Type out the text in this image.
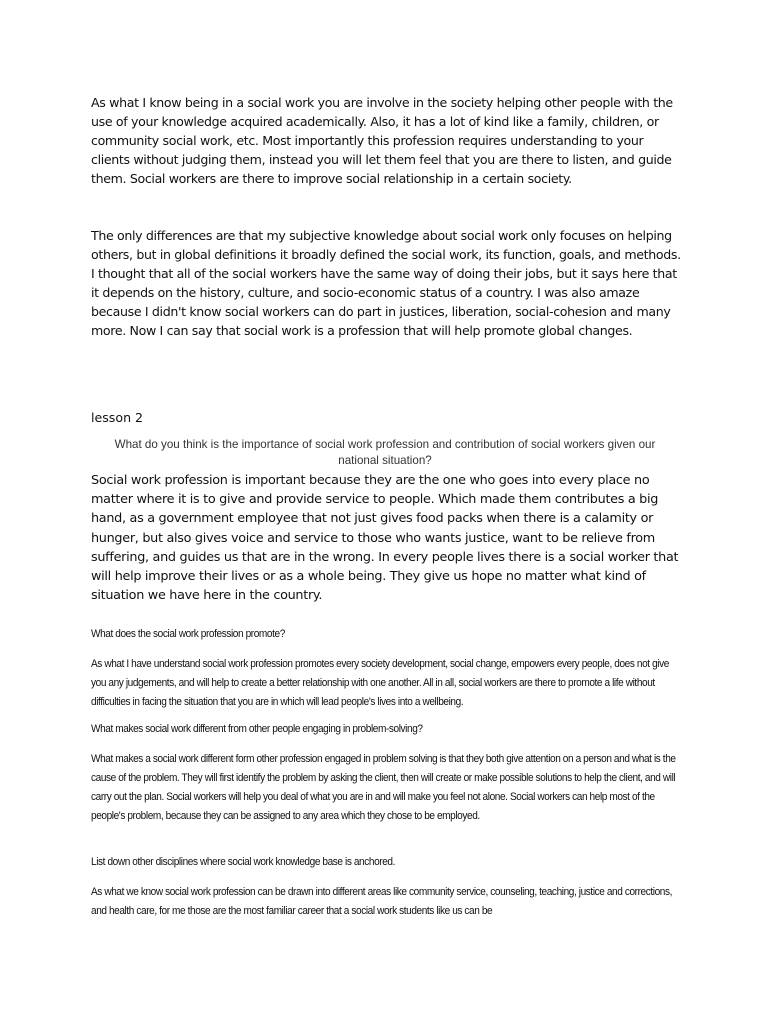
As what I know being in a social work you are involve in the society helping other people with the use of your knowledge acquired academically. Also, it has a lot of kind like a family, children, or community social work, etc. Most importantly this profession requires understanding to your clients without judging them, instead you will let them feel that you are there to listen, and guide them. Social workers are there to improve social relationship in a certain society.

The only differences are that my subjective knowledge about social work only focuses on helping others, but in global definitions it broadly defined the social work, its function, goals, and methods. I thought that all of the social workers have the same way of doing their jobs, but it says here that it depends on the history, culture, and socio-economic status of a country. I was also amaze because I didn't know social workers can do part in justices, liberation, social-cohesion and many more. Now I can say that social work is a profession that will help promote global changes.

lesson 2

What do you think is the importance of social work profession and contribution of social workers given our national situation?

Social work profession is important because they are the one who goes into every place no matter where it is to give and provide service to people. Which made them contributes a big hand, as a government employee that not just gives food packs when there is a calamity or hunger, but also gives voice and service to those who wants justice, want to be relieve from suffering, and guides us that are in the wrong. In every people lives there is a social worker that will help improve their lives or as a whole being. They give us hope no matter what kind of situation we have here in the country.

What does the social work profession promote?

As what I have understand social work profession promotes every society development, social change, empowers every people, does not give you any judgements, and will help to create a better relationship with one another. All in all, social workers are there to promote a life without difficulties in facing the situation that you are in which will lead people's lives into a wellbeing.

What makes social work different from other people engaging in problem-solving?

What makes a social work different form other profession engaged in problem solving is that they both give attention on a person and what is the cause of the problem. They will first identify the problem by asking the client, then will create or make possible solutions to help the client, and will carry out the plan. Social workers will help you deal of what you are in and will make you feel not alone. Social workers can help most of the people's problem, because they can be assigned to any area which they chose to be employed.

List down other disciplines where social work knowledge base is anchored.

As what we know social work profession can be drawn into different areas like community service, counseling, teaching, justice and corrections, and health care, for me those are the most familiar career that a social work students like us can be
